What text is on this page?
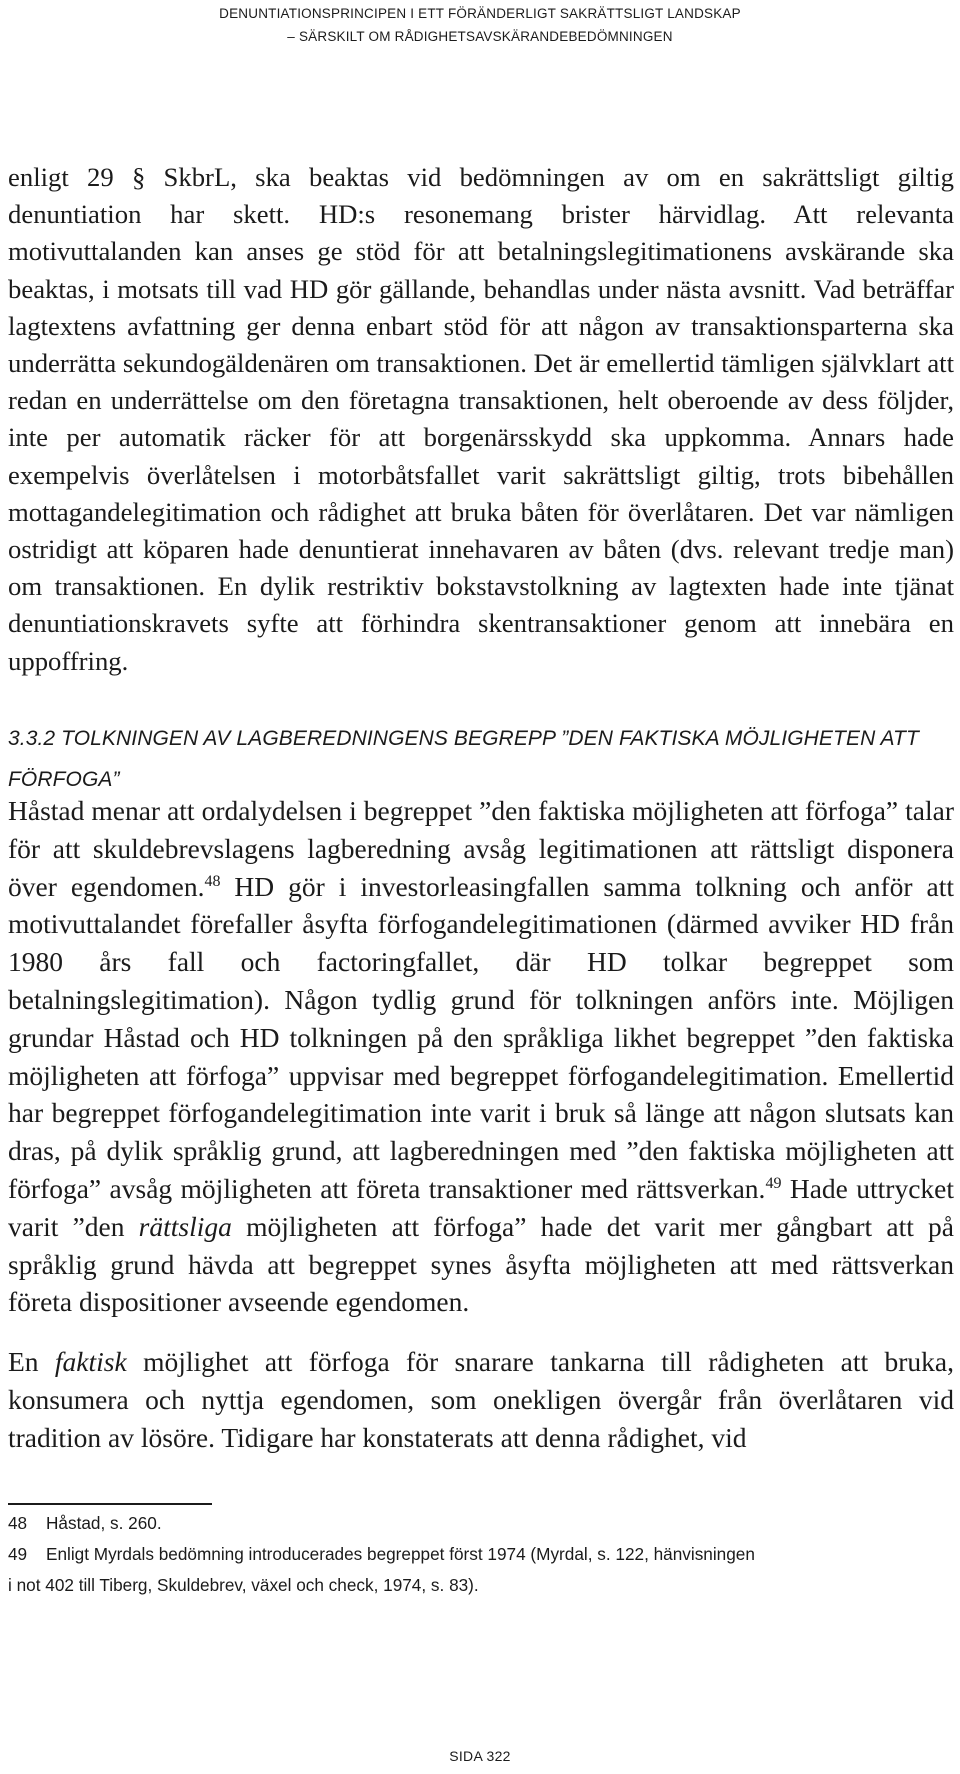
DENUNTIATIONSPRINCIPEN I ETT FÖRÄNDERLIGT SAKRÄTTSLIGT LANDSKAP
– SÄRSKILT OM RÅDIGHETSAVSKÄRANDEBEDÖMNINGEN

enligt 29 § SkbrL, ska beaktas vid bedömningen av om en sakrättsligt giltig denuntiation har skett. HD:s resonemang brister härvidlag. Att relevanta motivuttalanden kan anses ge stöd för att betalningslegitimationens avskärande ska beaktas, i motsats till vad HD gör gällande, behandlas under nästa avsnitt. Vad beträffar lagtextens avfattning ger denna enbart stöd för att någon av transaktionsparterna ska underrätta sekundogäldenären om transaktionen. Det är emellertid tämligen självklart att redan en underrättelse om den företagna transaktionen, helt oberoende av dess följder, inte per automatik räcker för att borgenärsskydd ska uppkomma. Annars hade exempelvis överlåtelsen i motorbåtsfallet varit sakrättsligt giltig, trots bibehållen mottagandelegitimation och rådighet att bruka båten för överlåtaren. Det var nämligen ostridigt att köparen hade denuntierat innehavaren av båten (dvs. relevant tredje man) om transaktionen. En dylik restriktiv bokstavstolkning av lagtexten hade inte tjänat denuntiationskravets syfte att förhindra skentransaktioner genom att innebära en uppoffring.

3.3.2 TOLKNINGEN AV LAGBEREDNINGENS BEGREPP ”DEN FAKTISKA MÖJLIGHETEN ATT FÖRFOGA”

Håstad menar att ordalydelsen i begreppet ”den faktiska möjligheten att förfoga” talar för att skuldebrevslagens lagberedning avsåg legitimationen att rättsligt disponera över egendomen.$^{48}$ HD gör i investorleasingfallen samma tolkning och anför att motivuttalandet förefaller åsyfta förfogandelegitimationen (därmed avviker HD från 1980 års fall och factoringfallet, där HD tolkar begreppet som betalningslegitimation). Någon tydlig grund för tolkningen anförs inte. Möjligen grundar Håstad och HD tolkningen på den språkliga likhet begreppet ”den faktiska möjligheten att förfoga” uppvisar med begreppet förfogandelegitimation. Emellertid har begreppet förfogandelegitimation inte varit i bruk så länge att någon slutsats kan dras, på dylik språklig grund, att lagberedningen med ”den faktiska möjligheten att förfoga” avsåg möjligheten att företa transaktioner med rättsverkan.$^{49}$ Hade uttrycket varit ”den rättsliga möjligheten att förfoga” hade det varit mer gångbart att på språklig grund hävda att begreppet synes åsyfta möjligheten att med rättsverkan företa dispositioner avseende egendomen.

En faktisk möjlighet att förfoga för snarare tankarna till rådigheten att bruka, konsumera och nyttja egendomen, som onekligen övergår från överlåtaren vid tradition av lösöre. Tidigare har konstaterats att denna rådighet, vid

48 Håstad, s. 260.
49 Enligt Myrdals bedömning introducerades begreppet först 1974 (Myrdal, s. 122, hänvisningen
i not 402 till Tiberg, Skuldebrev, växel och check, 1974, s. 83).
SIDA 322
